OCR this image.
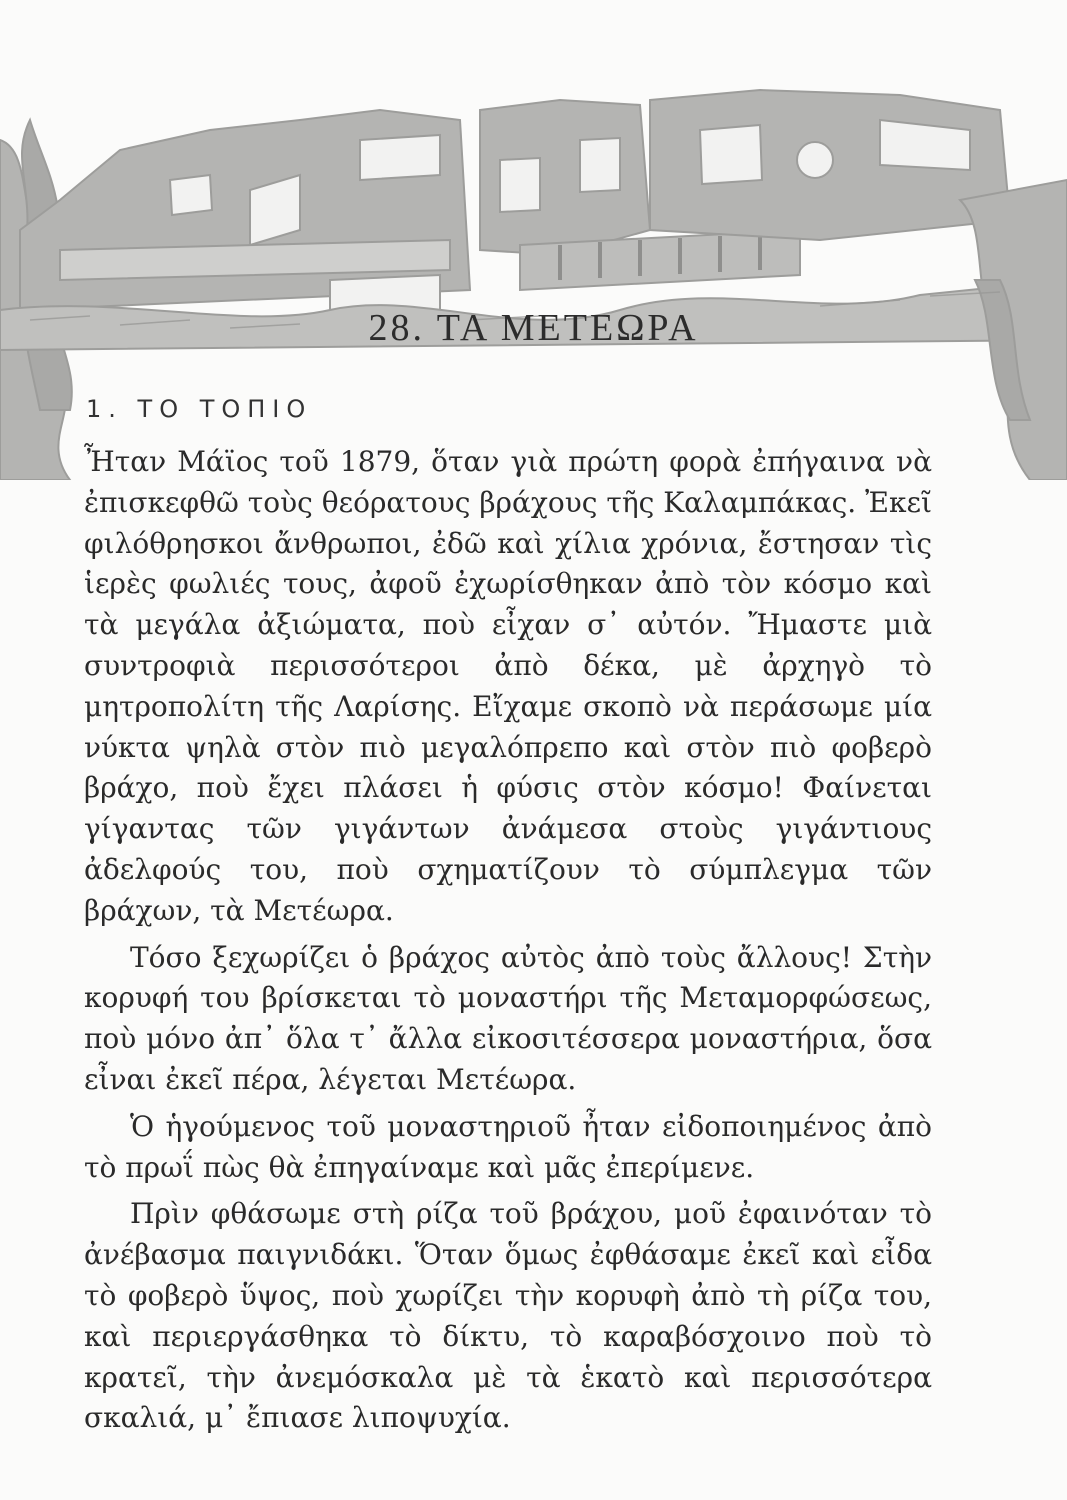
28. ΤΑ ΜΕΤΕΩΡΑ
1. ΤΟ ΤΟΠΙΟ

Ἦταν Μάϊος τοῦ 1879, ὅταν γιὰ πρώτη φορὰ ἐπήγαινα νὰ ἐπισκεφθῶ τοὺς θεόρατους βράχους τῆς Καλαμπάκας. Ἐκεῖ φιλόθρησκοι ἄνθρωποι, ἐδῶ καὶ χίλια χρόνια, ἔστησαν τὶς ἱερὲς φωλιές τους, ἀφοῦ ἐχωρίσθηκαν ἀπὸ τὸν κόσμο καὶ τὰ μεγάλα ἀξιώματα, ποὺ εἶχαν σ᾽ αὐτόν. Ἤμαστε μιὰ συντροφιὰ περισσότεροι ἀπὸ δέκα, μὲ ἀρχηγὸ τὸ μητροπολίτη τῆς Λαρίσης. Εἴχαμε σκοπὸ νὰ περάσωμε μία νύκτα ψηλὰ στὸν πιὸ μεγαλόπρεπο καὶ στὸν πιὸ φοβερὸ βράχο, ποὺ ἔχει πλάσει ἡ φύσις στὸν κόσμο! Φαίνεται γίγαντας τῶν γιγάντων ἀνάμεσα στοὺς γιγάντιους ἀδελφούς του, ποὺ σχηματίζουν τὸ σύμπλεγμα τῶν βράχων, τὰ Μετέωρα.

Τόσο ξεχωρίζει ὁ βράχος αὐτὸς ἀπὸ τοὺς ἄλλους! Στὴν κορυφή του βρίσκεται τὸ μοναστήρι τῆς Μεταμορφώσεως, ποὺ μόνο ἀπ᾽ ὅλα τ᾽ ἄλλα εἰκοσιτέσσερα μοναστήρια, ὅσα εἶναι ἐκεῖ πέρα, λέγεται Μετέωρα.

Ὁ ἡγούμενος τοῦ μοναστηριοῦ ἦταν εἰδοποιημένος ἀπὸ τὸ πρωΐ πὼς θὰ ἐπηγαίναμε καὶ μᾶς ἐπερίμενε.

Πρὶν φθάσωμε στὴ ρίζα τοῦ βράχου, μοῦ ἐφαινόταν τὸ ἀνέβασμα παιγνιδάκι. Ὅταν ὅμως ἐφθάσαμε ἐκεῖ καὶ εἶδα τὸ φοβερὸ ὕψος, ποὺ χωρίζει τὴν κορυφὴ ἀπὸ τὴ ρίζα του, καὶ περιεργάσθηκα τὸ δίκτυ, τὸ καραβόσχοινο ποὺ τὸ κρατεῖ, τὴν ἀνεμόσκαλα μὲ τὰ ἑκατὸ καὶ περισσότερα σκαλιά, μ᾽ ἔπιασε λιποψυχία.
